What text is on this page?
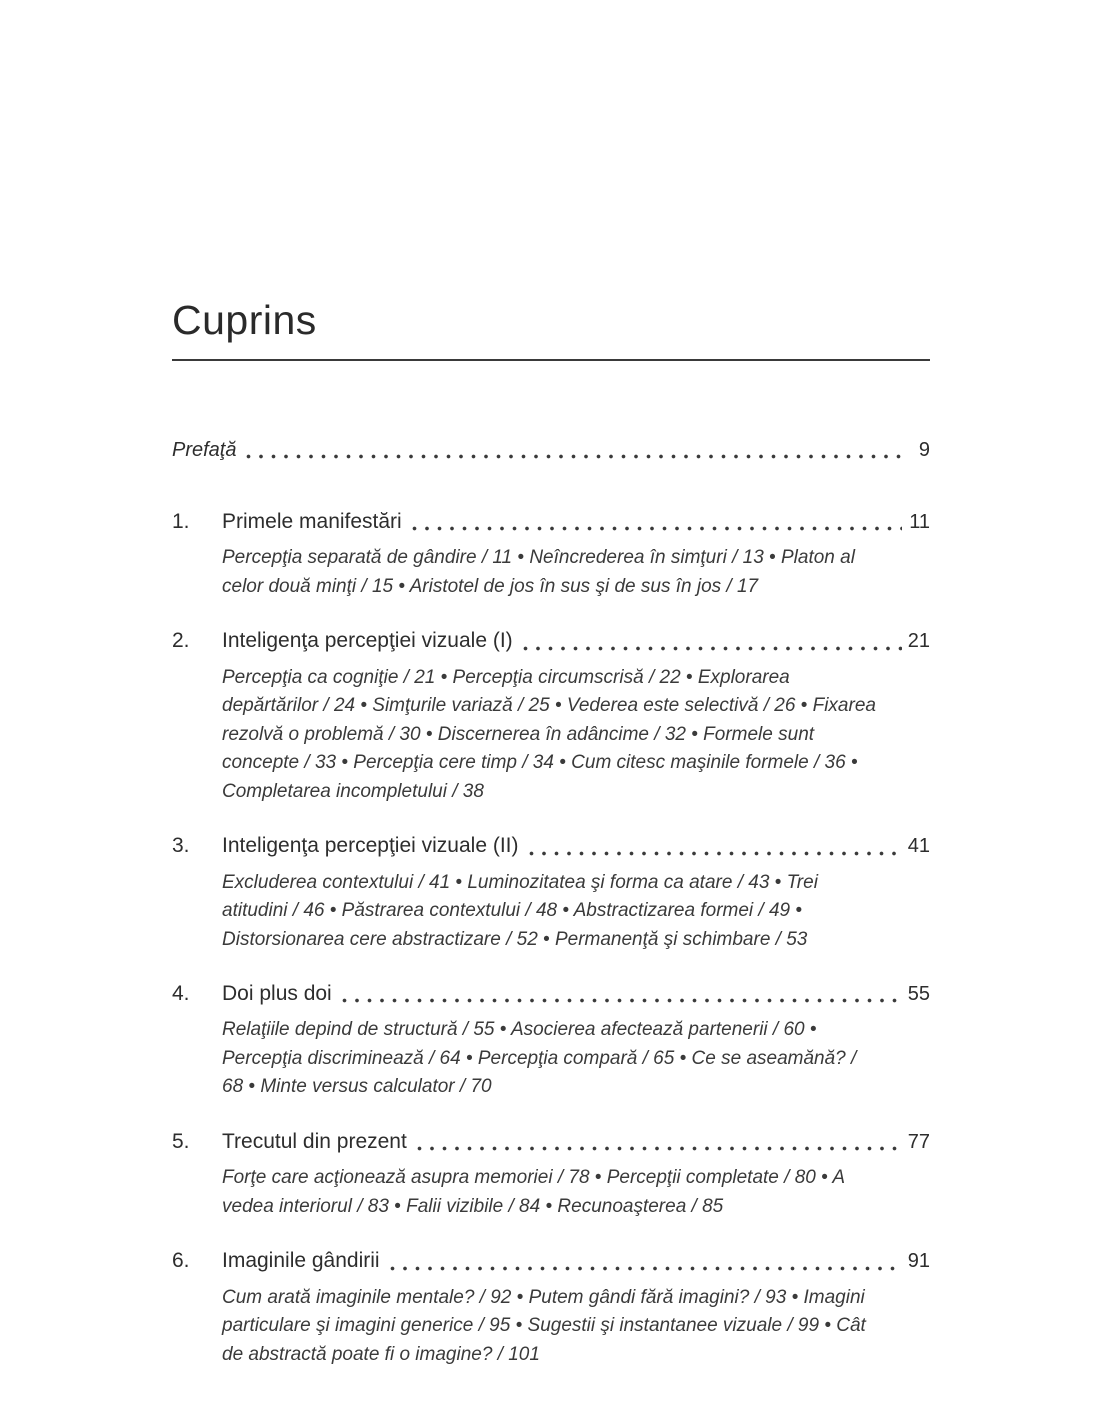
Cuprins
Prefaţă	9
1.	Primele manifestări	11

Percepţia separată de gândire / 11 • Neîncrederea în simţuri / 13 • Platon al celor două minţi / 15 • Aristotel de jos în sus şi de sus în jos / 17

2.	Inteligenţa percepţiei vizuale (I)	21

Percepţia ca cogniţie / 21 • Percepţia circumscrisă / 22 • Explorarea depărtărilor / 24 • Simţurile variază / 25 • Vederea este selectivă / 26 • Fixarea rezolvă o problemă / 30 • Discernerea în adâncime / 32 • Formele sunt concepte / 33 • Percepţia cere timp / 34 • Cum citesc maşinile formele / 36 • Completarea incompletului / 38

3.	Inteligenţa percepţiei vizuale (II)	41

Excluderea contextului / 41 • Luminozitatea şi forma ca atare / 43 • Trei atitudini / 46 • Păstrarea contextului / 48 • Abstractizarea formei / 49 • Distorsionarea cere abstractizare / 52 • Permanenţă şi schimbare / 53

4.	Doi plus doi	55

Relaţiile depind de structură / 55 • Asocierea afectează partenerii / 60 • Percepţia discriminează / 64 • Percepţia compară / 65 • Ce se aseamănă? / 68 • Minte versus calculator / 70

5.	Trecutul din prezent	77

Forţe care acţionează asupra memoriei / 78 • Percepţii completate / 80 • A vedea interiorul / 83 • Falii vizibile / 84 • Recunoaşterea / 85

6.	Imaginile gândirii	91

Cum arată imaginile mentale? / 92 • Putem gândi fără imagini? / 93 • Imagini particulare şi imagini generice / 95 • Sugestii şi instantanee vizuale / 99 • Cât de abstractă poate fi o imagine? / 101
